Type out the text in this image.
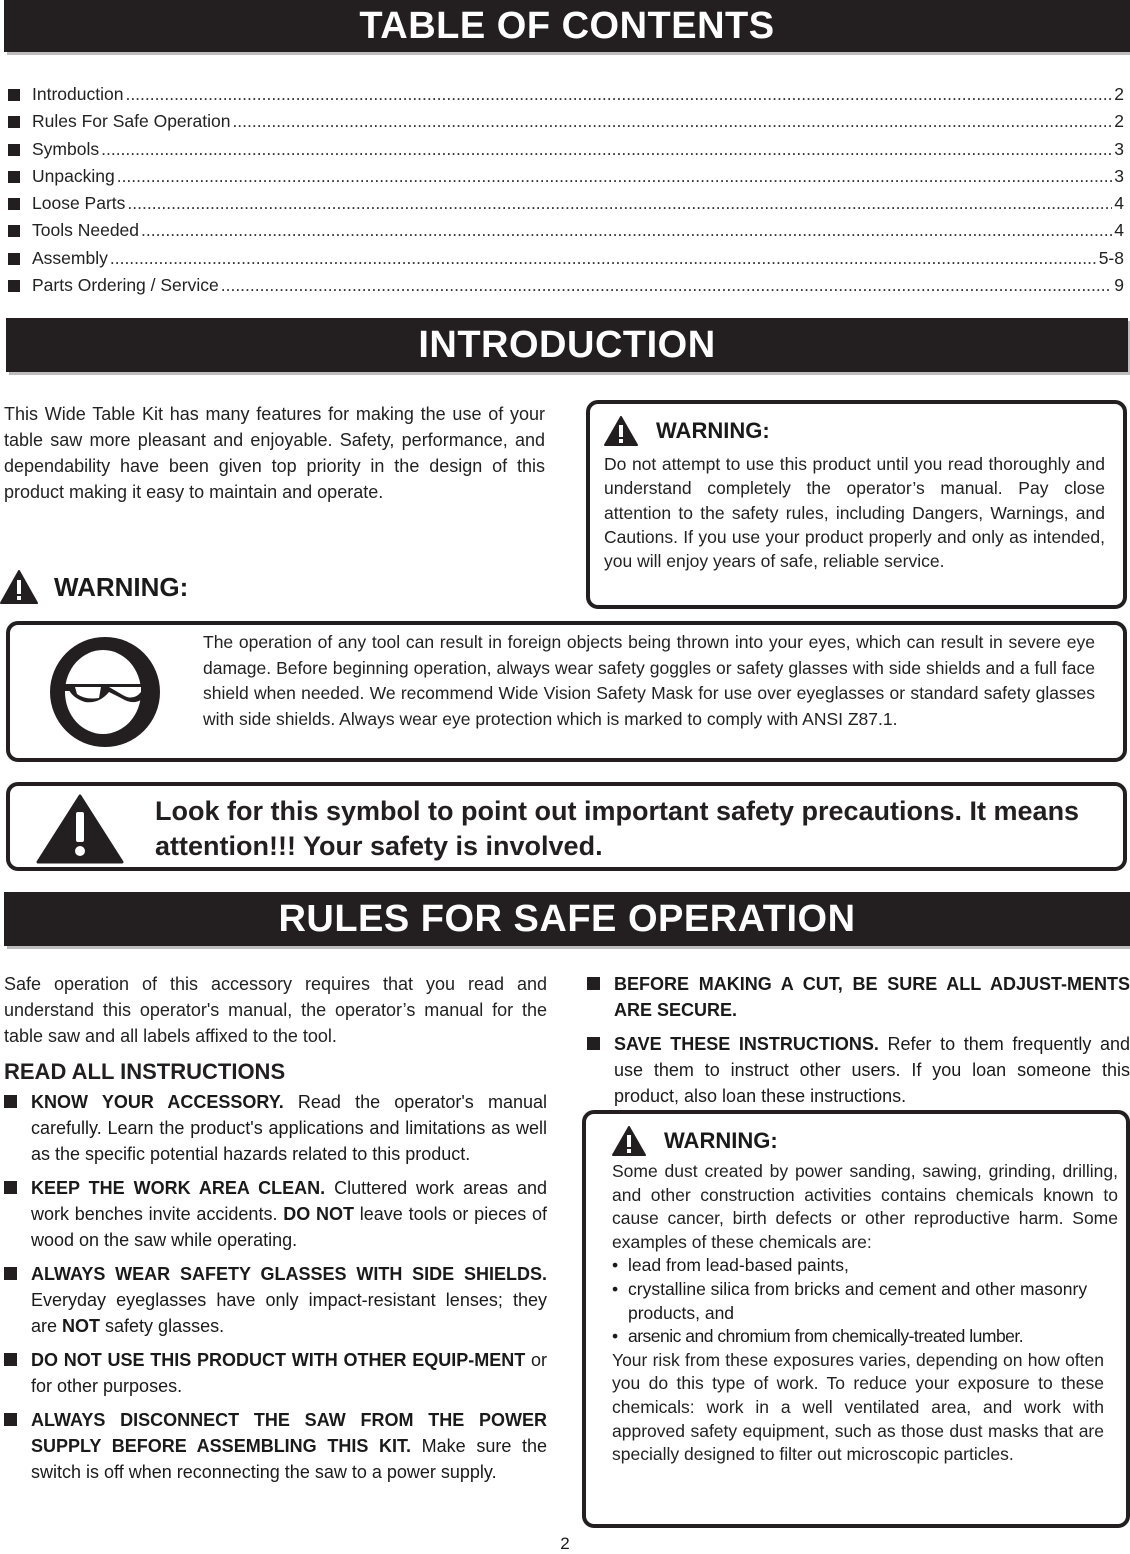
TABLE OF CONTENTS
Introduction .....	2
Rules For Safe Operation .....	2
Symbols .....	3
Unpacking .....	3
Loose Parts .....	4
Tools Needed .....	4
Assembly .....	5-8
Parts Ordering / Service .....	9
INTRODUCTION
This Wide Table Kit has many features for making the use of your table saw more pleasant and enjoyable. Safety, performance, and dependability have been given top priority in the design of this product making it easy to maintain and operate.
WARNING:
Do not attempt to use this product until you read thoroughly and understand completely the operator’s manual. Pay close attention to the safety rules, including Dangers, Warnings, and Cautions. If you use your product properly and only as intended, you will enjoy years of safe, reliable service.
WARNING:
The operation of any tool can result in foreign objects being thrown into your eyes, which can result in severe eye damage. Before beginning operation, always wear safety goggles or safety glasses with side shields and a full face shield when needed. We recommend Wide Vision Safety Mask for use over eyeglasses or standard safety glasses with side shields. Always wear eye protection which is marked to comply with ANSI Z87.1.
Look for this symbol to point out important safety precautions. It means attention!!! Your safety is involved.
RULES FOR SAFE OPERATION
Safe operation of this accessory requires that you read and understand this operator's manual, the operator’s manual for the table saw and all labels affixed to the tool.
READ ALL INSTRUCTIONS
KNOW YOUR ACCESSORY. Read the operator's manual carefully. Learn the product's applications and limitations as well as the specific potential hazards related to this product.
KEEP THE WORK AREA CLEAN. Cluttered work areas and work benches invite accidents. DO NOT leave tools or pieces of wood on the saw while operating.
ALWAYS WEAR SAFETY GLASSES WITH SIDE SHIELDS. Everyday eyeglasses have only impact-resistant lenses; they are NOT safety glasses.
DO NOT USE THIS PRODUCT WITH OTHER EQUIP-MENT or for other purposes.
ALWAYS DISCONNECT THE SAW FROM THE POWER SUPPLY BEFORE ASSEMBLING THIS KIT. Make sure the switch is off when reconnecting the saw to a power supply.
BEFORE MAKING A CUT, BE SURE ALL ADJUST-MENTS ARE SECURE.
SAVE THESE INSTRUCTIONS. Refer to them frequently and use them to instruct other users. If you loan someone this product, also loan these instructions.
WARNING:
Some dust created by power sanding, sawing, grinding, drilling, and other construction activities contains chemicals known to cause cancer, birth defects or other reproductive harm. Some examples of these chemicals are:
• lead from lead-based paints,
• crystalline silica from bricks and cement and other masonry products, and
• arsenic and chromium from chemically-treated lumber.
Your risk from these exposures varies, depending on how often you do this type of work. To reduce your exposure to these chemicals: work in a well ventilated area, and work with approved safety equipment, such as those dust masks that are specially designed to filter out microscopic particles.
2
